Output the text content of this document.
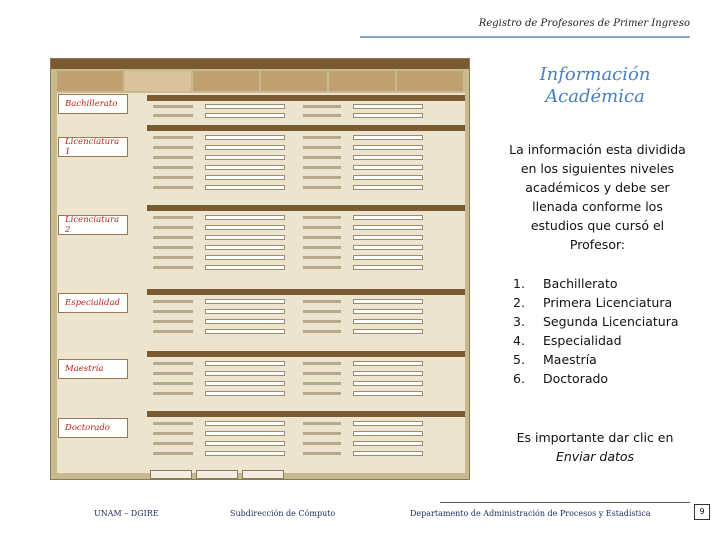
Registro de Profesores de Primer Ingreso
Bachillerato
Licenciatura 1
Licenciatura 2
Especialidad
Maestría
Doctorado
Información
Académica
La información esta dividida en los siguientes niveles académicos y debe ser llenada conforme los estudios que cursó el Profesor:
1.	Bachillerato
2.	Primera Licenciatura
3.	Segunda Licenciatura
4.	Especialidad
5.	Maestría
6.	Doctorado
Es importante dar clic en Enviar datos
UNAM – DGIRE	Subdirección de Cómputo	Departamento de Administración de Procesos y Estadística	9
